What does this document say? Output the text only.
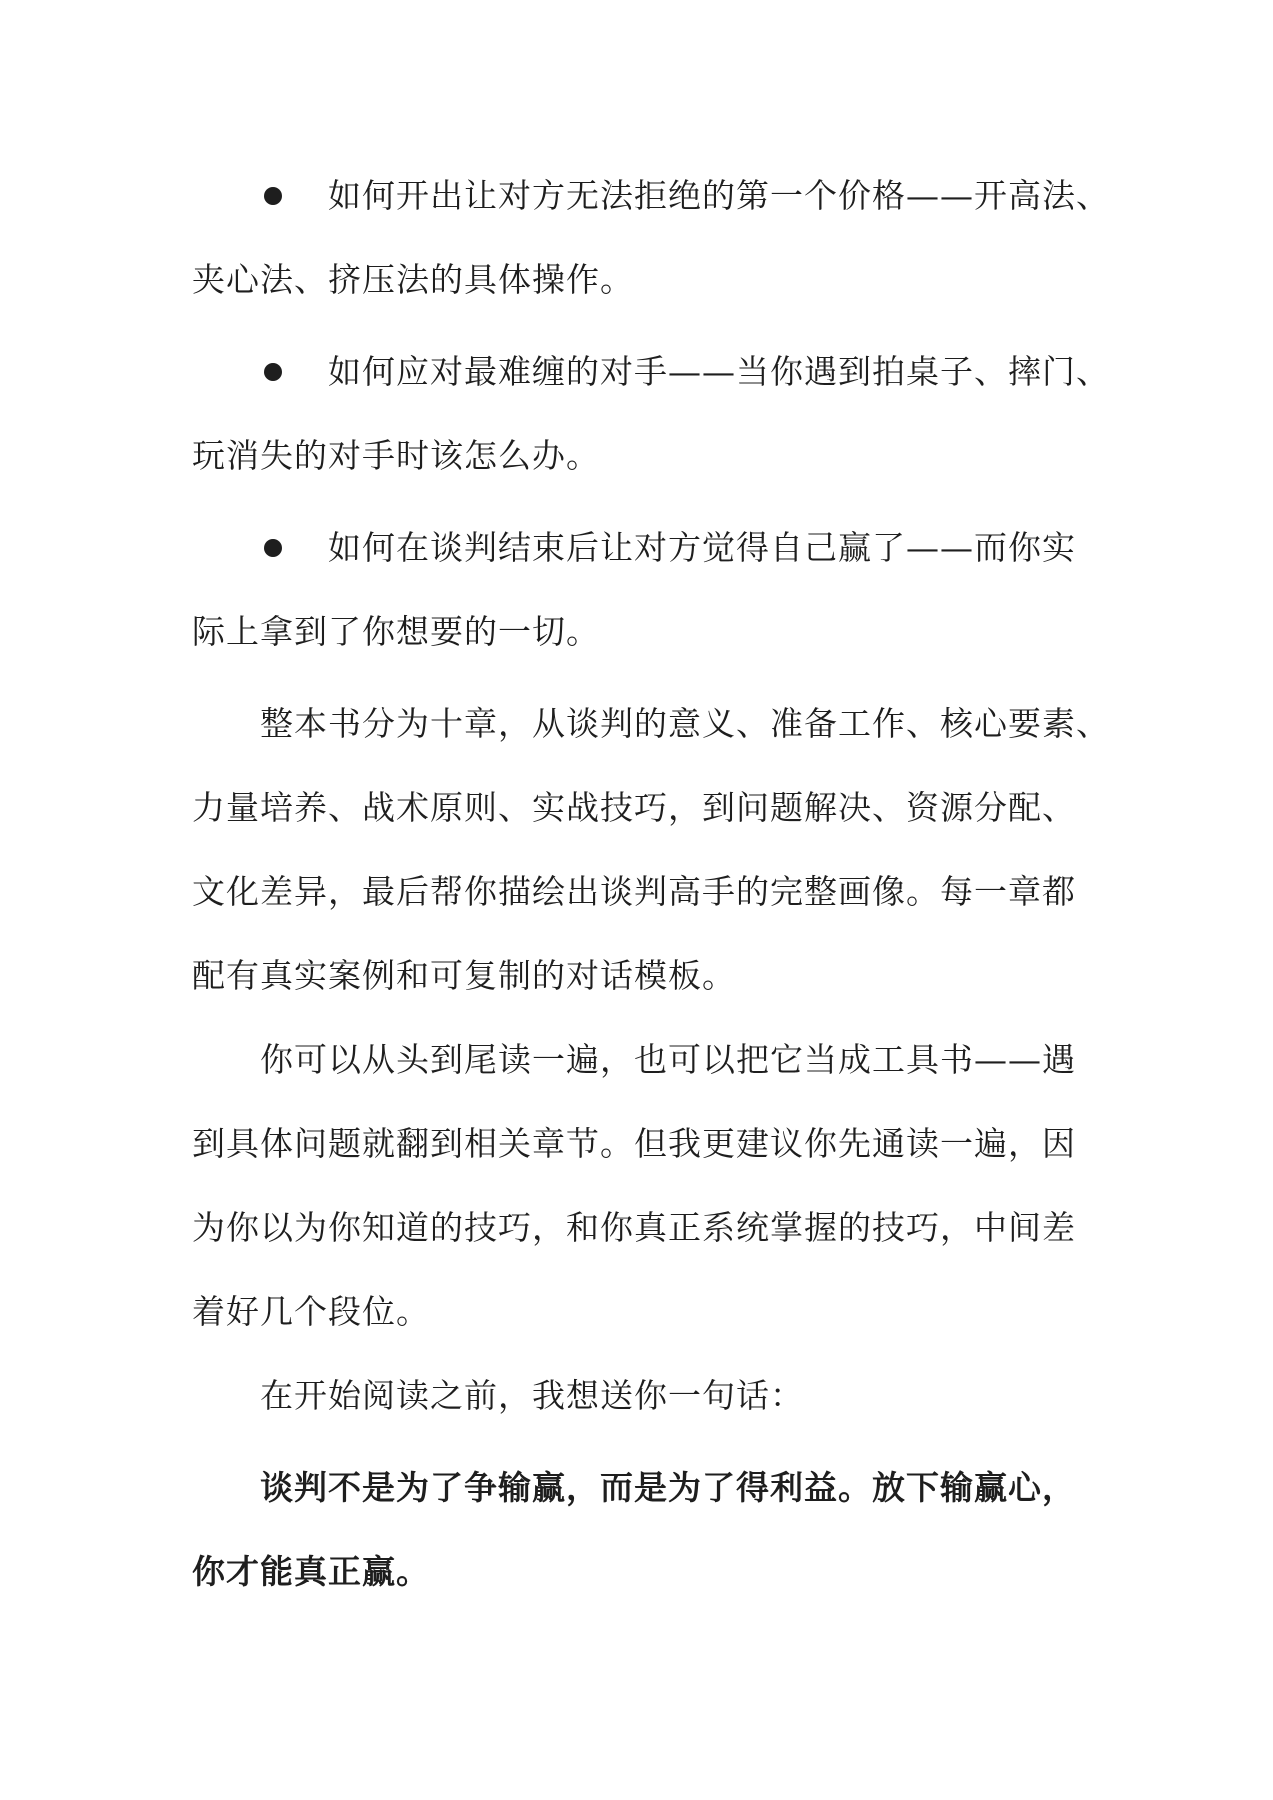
如何开出让对方无法拒绝的第一个价格——开高法、
夹心法、挤压法的具体操作。
如何应对最难缠的对手——当你遇到拍桌子、摔门、
玩消失的对手时该怎么办。
如何在谈判结束后让对方觉得自己赢了——而你实
际上拿到了你想要的一切。
整本书分为十章，从谈判的意义、准备工作、核心要素、
力量培养、战术原则、实战技巧，到问题解决、资源分配、
文化差异，最后帮你描绘出谈判高手的完整画像。每一章都
配有真实案例和可复制的对话模板。
你可以从头到尾读一遍，也可以把它当成工具书——遇
到具体问题就翻到相关章节。但我更建议你先通读一遍，因
为你以为你知道的技巧，和你真正系统掌握的技巧，中间差
着好几个段位。
在开始阅读之前，我想送你一句话：
谈判不是为了争输赢，而是为了得利益。放下输赢心，
你才能真正赢。
